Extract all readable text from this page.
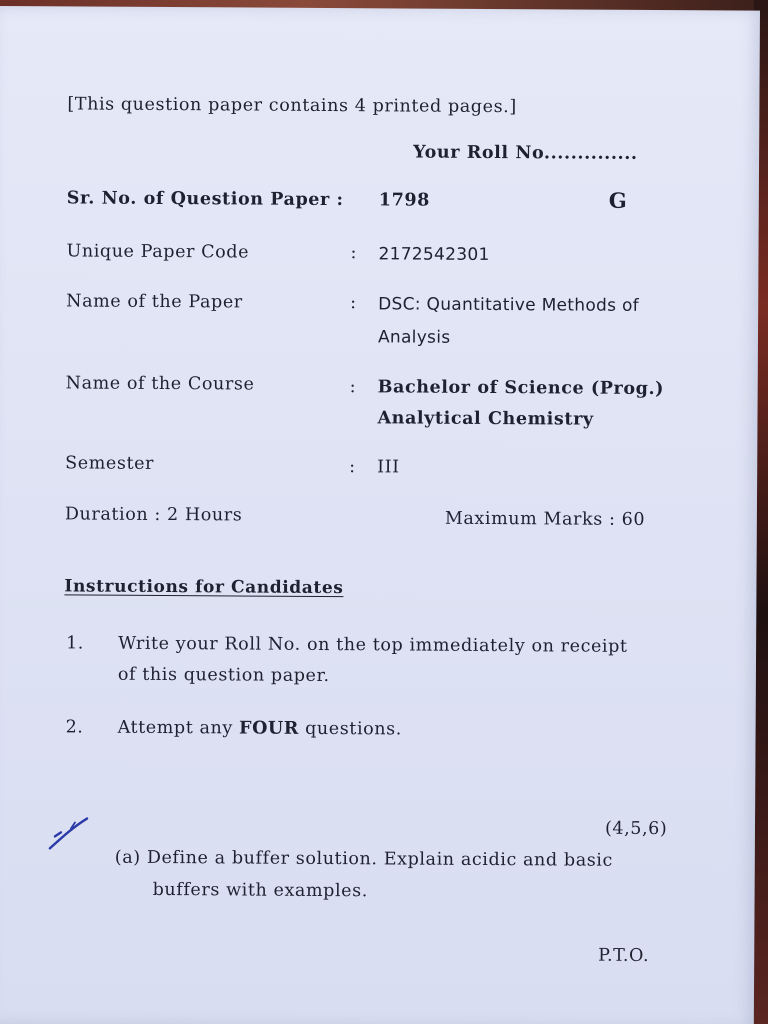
[This question paper contains 4 printed pages.]
Your Roll No..............
Sr. No. of Question Paper : 1798	G
Unique Paper Code	: 2172542301
Name of the Paper	: DSC: Quantitative Methods of
Analysis
Name of the Course	: Bachelor of Science (Prog.)
Analytical Chemistry
Semester	: III
Duration : 2 Hours	Maximum Marks : 60
Instructions for Candidates
1. Write your Roll No. on the top immediately on receipt
of this question paper.
2. Attempt any FOUR questions.
(4,5,6)
(a) Define a buffer solution. Explain acidic and basic
buffers with examples.
P.T.O.
